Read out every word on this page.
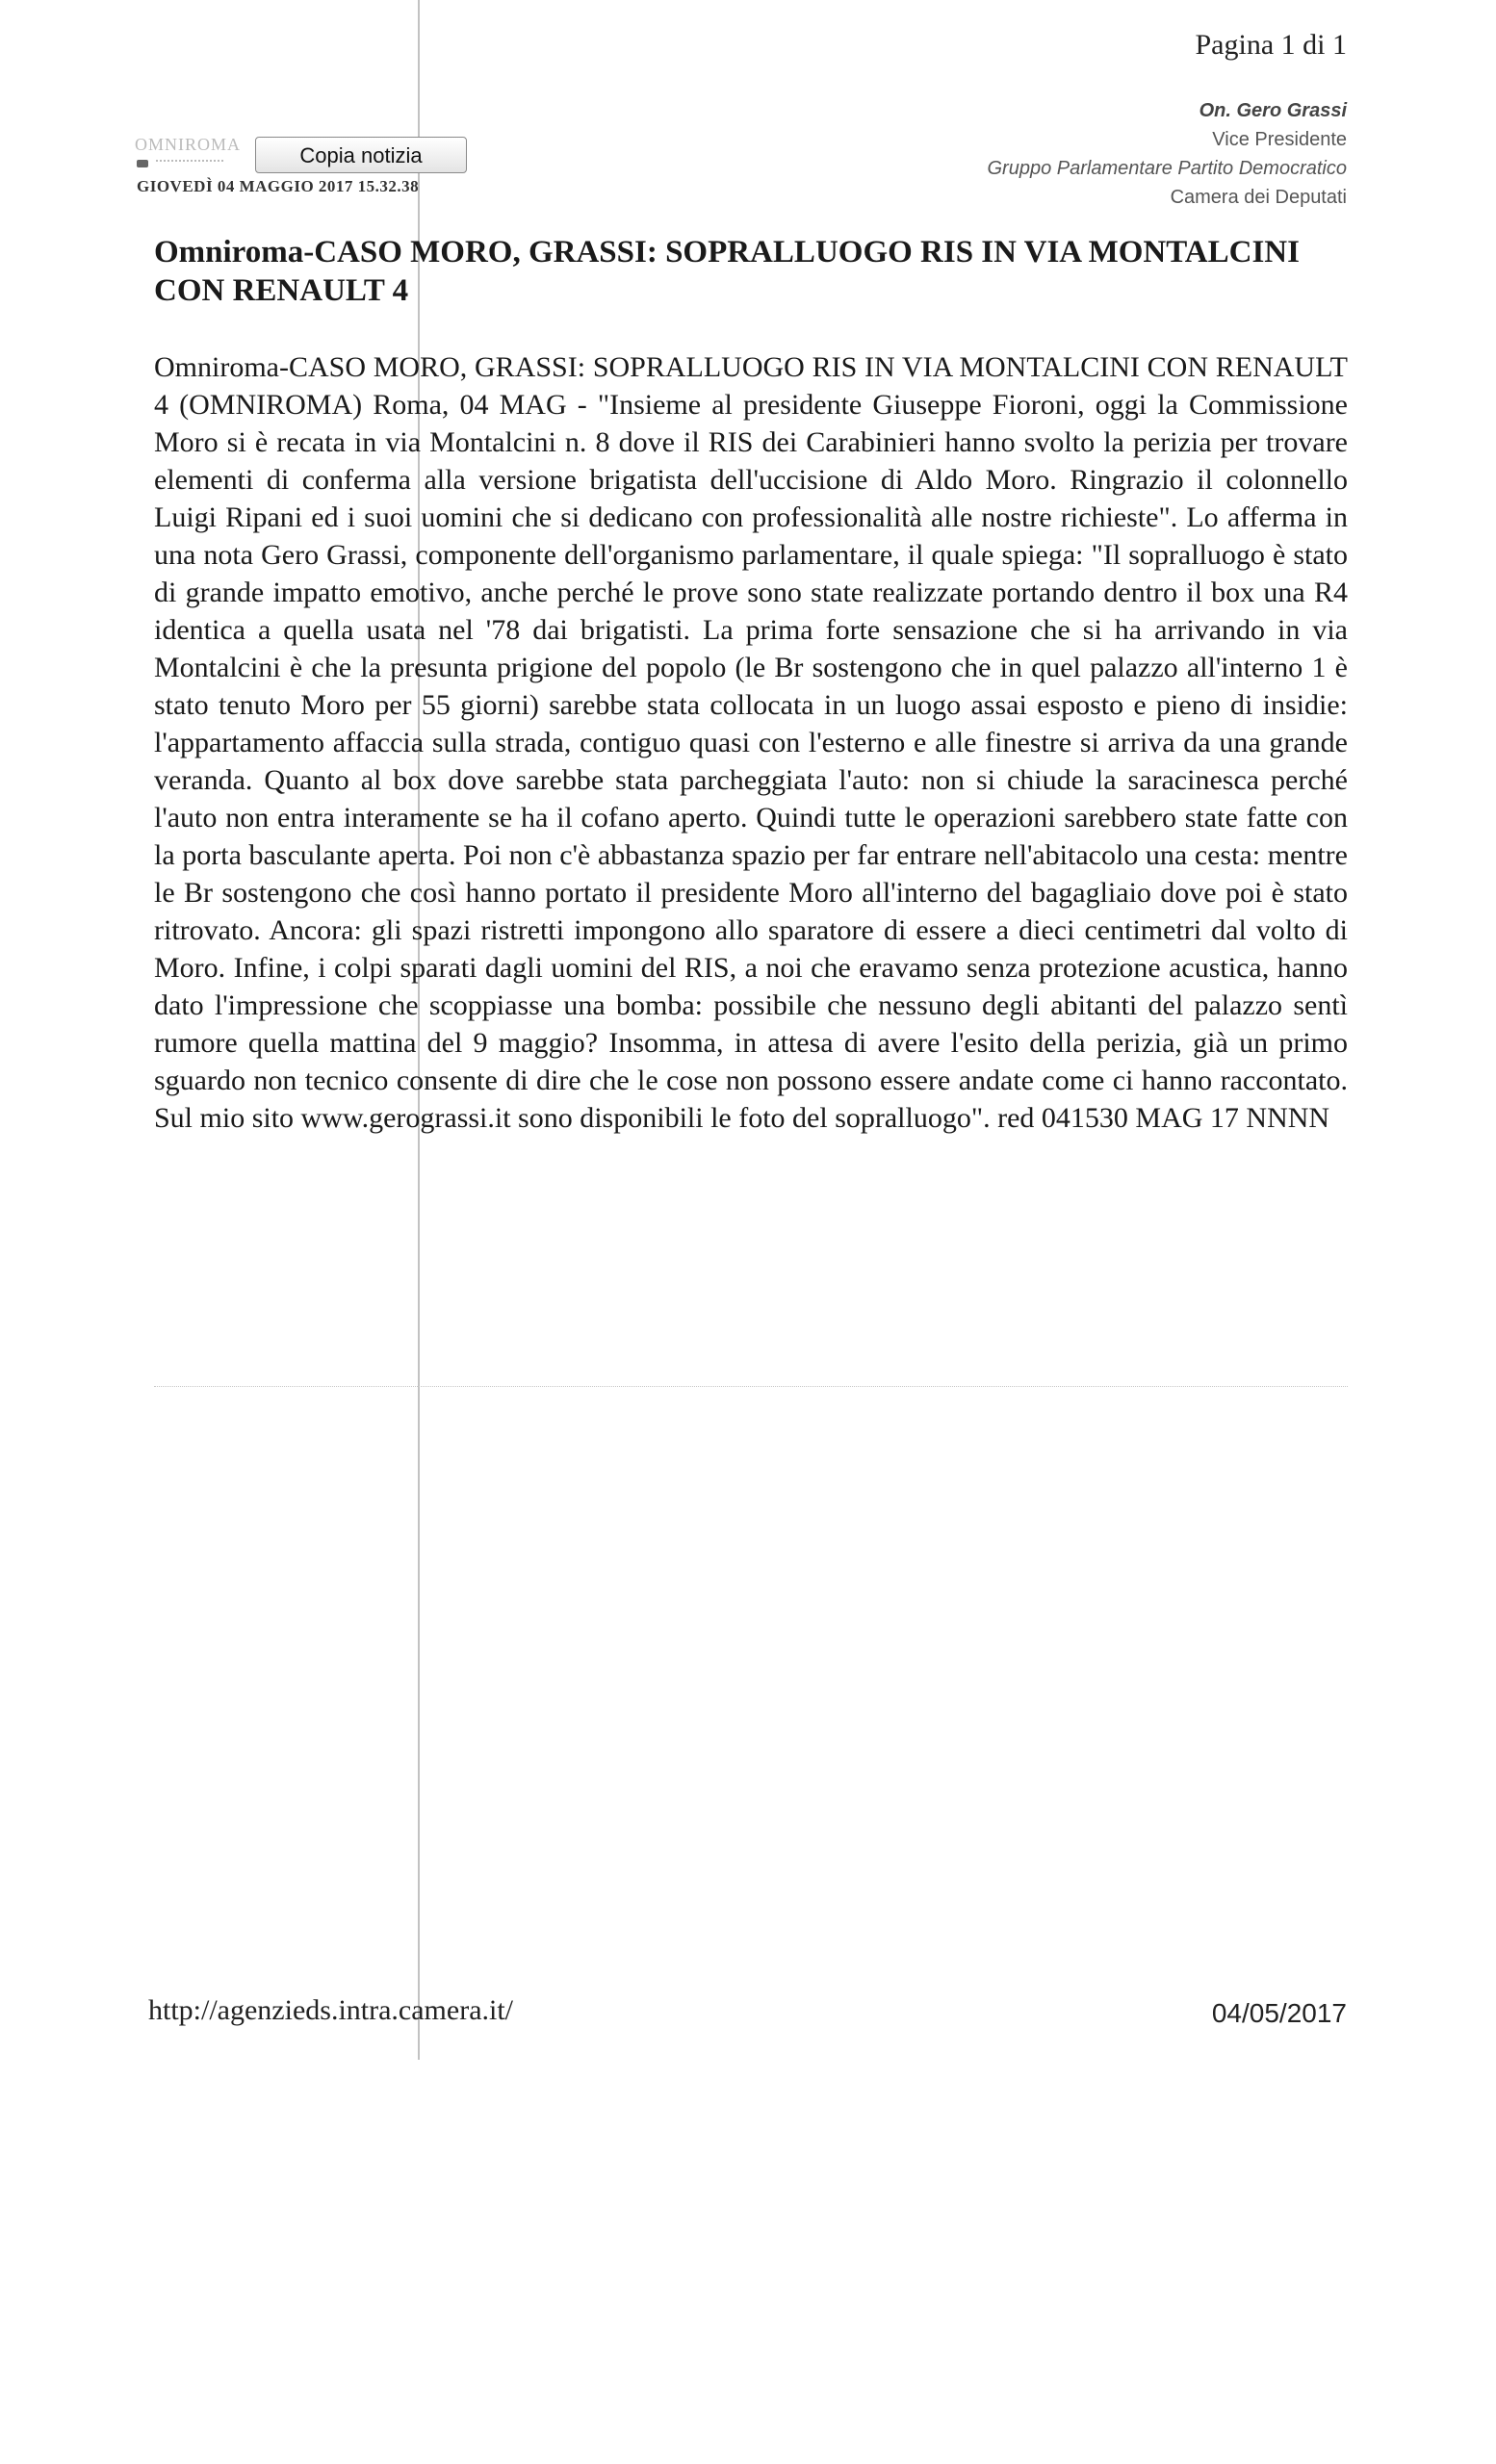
Pagina 1 di 1
On. Gero Grassi
Vice Presidente
Gruppo Parlamentare Partito Democratico
Camera dei Deputati
OMNIROMA	Copia notizia
GIOVEDÌ 04 MAGGIO 2017 15.32.38
Omniroma-CASO MORO, GRASSI: SOPRALLUOGO RIS IN VIA MONTALCINI CON RENAULT 4

Omniroma-CASO MORO, GRASSI: SOPRALLUOGO RIS IN VIA MONTALCINI CON RENAULT 4 (OMNIROMA) Roma, 04 MAG - "Insieme al presidente Giuseppe Fioroni, oggi la Commissione Moro si è recata in via Montalcini n. 8 dove il RIS dei Carabinieri hanno svolto la perizia per trovare elementi di conferma alla versione brigatista dell'uccisione di Aldo Moro. Ringrazio il colonnello Luigi Ripani ed i suoi uomini che si dedicano con professionalità alle nostre richieste". Lo afferma in una nota Gero Grassi, componente dell'organismo parlamentare, il quale spiega: "Il sopralluogo è stato di grande impatto emotivo, anche perché le prove sono state realizzate portando dentro il box una R4 identica a quella usata nel '78 dai brigatisti. La prima forte sensazione che si ha arrivando in via Montalcini è che la presunta prigione del popolo (le Br sostengono che in quel palazzo all'interno 1 è stato tenuto Moro per 55 giorni) sarebbe stata collocata in un luogo assai esposto e pieno di insidie: l'appartamento affaccia sulla strada, contiguo quasi con l'esterno e alle finestre si arriva da una grande veranda. Quanto al box dove sarebbe stata parcheggiata l'auto: non si chiude la saracinesca perché l'auto non entra interamente se ha il cofano aperto. Quindi tutte le operazioni sarebbero state fatte con la porta basculante aperta. Poi non c'è abbastanza spazio per far entrare nell'abitacolo una cesta: mentre le Br sostengono che così hanno portato il presidente Moro all'interno del bagagliaio dove poi è stato ritrovato. Ancora: gli spazi ristretti impongono allo sparatore di essere a dieci centimetri dal volto di Moro. Infine, i colpi sparati dagli uomini del RIS, a noi che eravamo senza protezione acustica, hanno dato l'impressione che scoppiasse una bomba: possibile che nessuno degli abitanti del palazzo sentì rumore quella mattina del 9 maggio? Insomma, in attesa di avere l'esito della perizia, già un primo sguardo non tecnico consente di dire che le cose non possono essere andate come ci hanno raccontato. Sul mio sito www.gerograssi.it sono disponibili le foto del sopralluogo". red 041530 MAG 17 NNNN

http://agenzieds.intra.camera.it/	04/05/2017
